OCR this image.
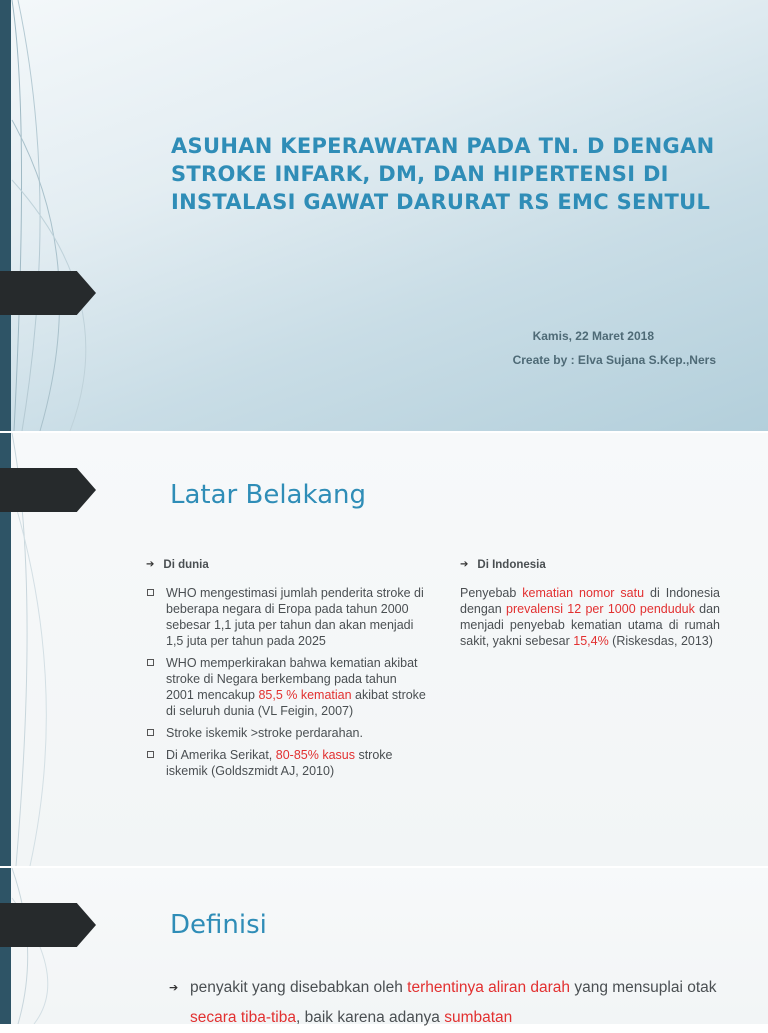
ASUHAN KEPERAWATAN PADA TN. D DENGAN STROKE INFARK, DM, DAN HIPERTENSI DI INSTALASI GAWAT DARURAT RS EMC SENTUL

Kamis, 22 Maret 2018

Create by : Elva Sujana S.Kep.,Ners

Latar Belakang

➔ Di dunia

WHO mengestimasi jumlah penderita stroke di beberapa negara di Eropa pada tahun 2000 sebesar 1,1 juta per tahun dan akan menjadi 1,5 juta per tahun pada 2025
WHO memperkirakan bahwa kematian akibat stroke di Negara berkembang pada tahun 2001 mencakup 85,5 % kematian akibat stroke di seluruh dunia (VL Feigin, 2007)
Stroke iskemik >stroke perdarahan.
Di Amerika Serikat, 80-85% kasus stroke iskemik (Goldszmidt AJ, 2010)

➔ Di Indonesia

Penyebab kematian nomor satu di Indonesia dengan prevalensi 12 per 1000 penduduk dan menjadi penyebab kematian utama di rumah sakit, yakni sebesar 15,4% (Riskesdas, 2013)

Definisi

➔ penyakit yang disebabkan oleh terhentinya aliran darah yang mensuplai otak secara tiba-tiba, baik karena adanya sumbatan
